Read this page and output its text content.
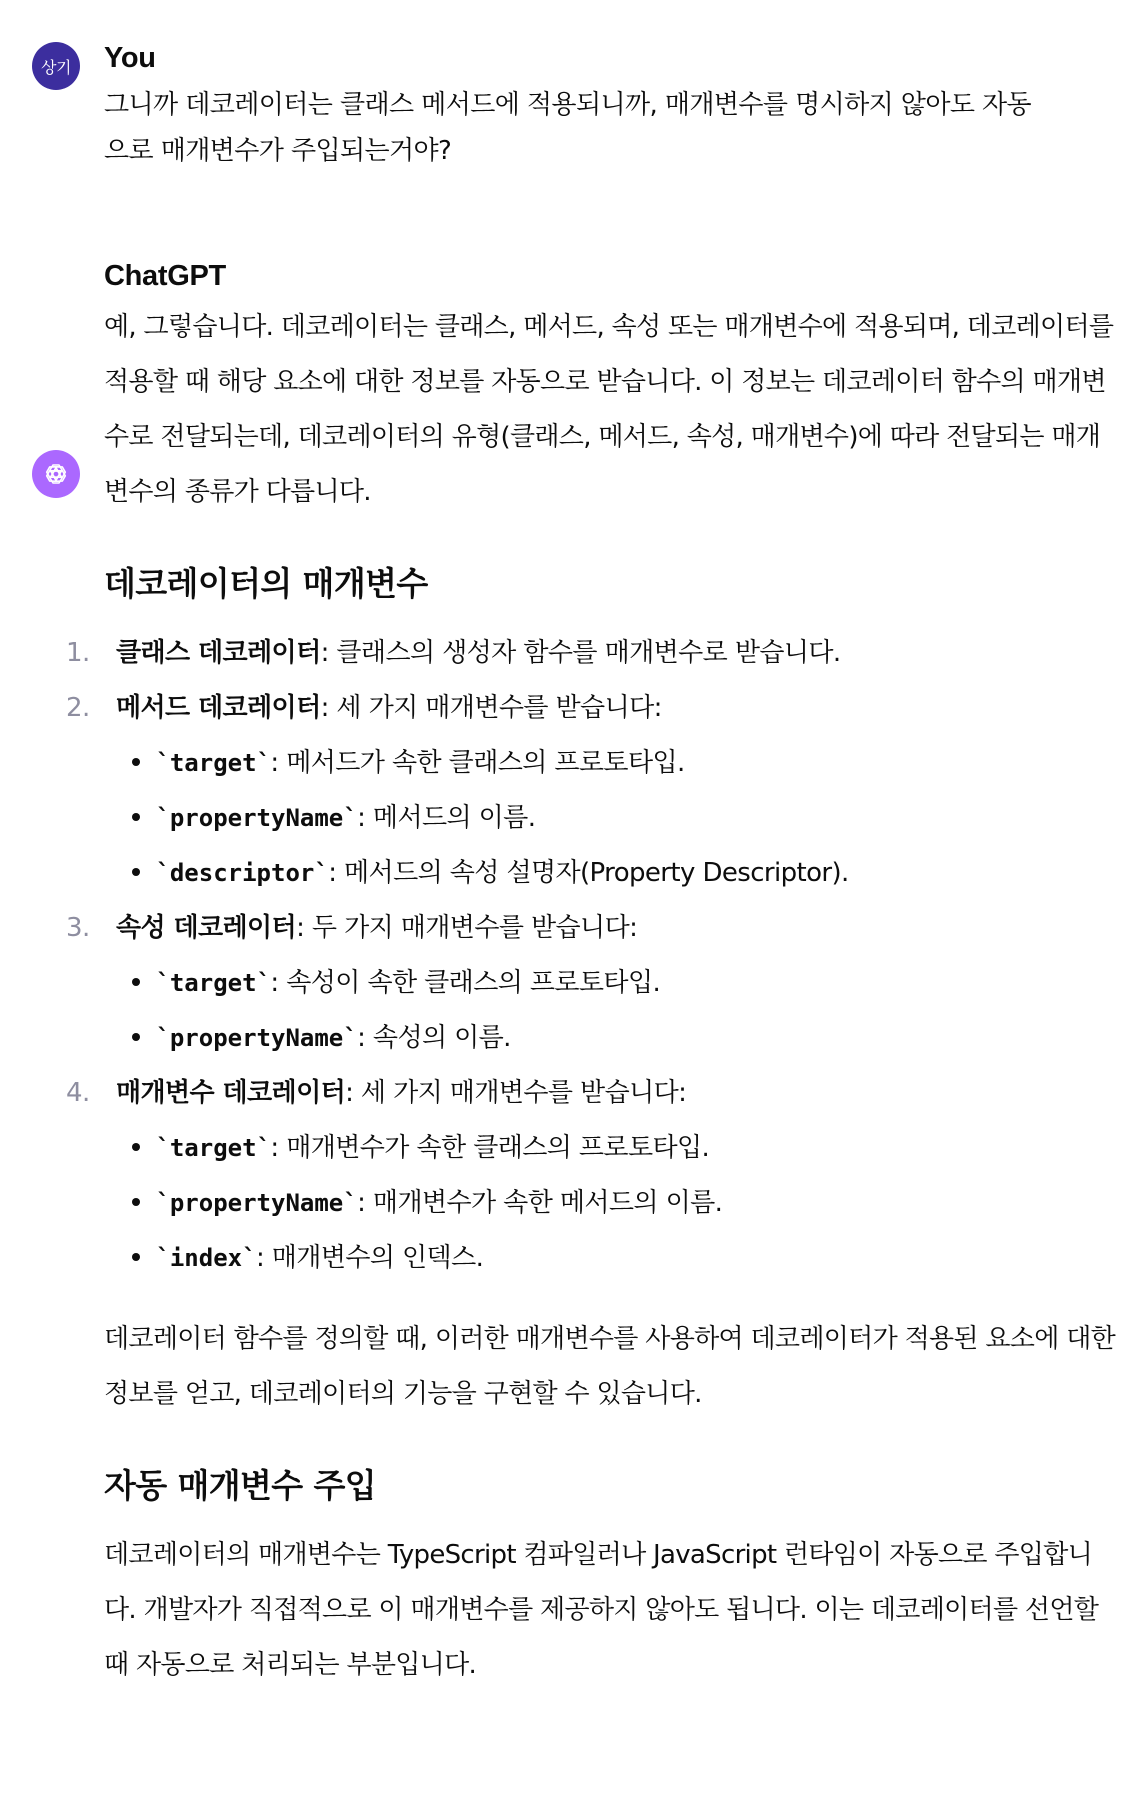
상기	You

그니까 데코레이터는 클래스 메서드에 적용되니까, 매개변수를 명시하지 않아도 자동으로 매개변수가 주입되는거야?

ChatGPT

예, 그렇습니다. 데코레이터는 클래스, 메서드, 속성 또는 매개변수에 적용되며, 데코레이터를 적용할 때 해당 요소에 대한 정보를 자동으로 받습니다. 이 정보는 데코레이터 함수의 매개변수로 전달되는데, 데코레이터의 유형(클래스, 메서드, 속성, 매개변수)에 따라 전달되는 매개변수의 종류가 다릅니다.

데코레이터의 매개변수
1. 클래스 데코레이터: 클래스의 생성자 함수를 매개변수로 받습니다.
2. 메서드 데코레이터: 세 가지 매개변수를 받습니다:
`target`: 메서드가 속한 클래스의 프로토타입.
`propertyName`: 메서드의 이름.
`descriptor`: 메서드의 속성 설명자(Property Descriptor).
3. 속성 데코레이터: 두 가지 매개변수를 받습니다:
`target`: 속성이 속한 클래스의 프로토타입.
`propertyName`: 속성의 이름.
4. 매개변수 데코레이터: 세 가지 매개변수를 받습니다:
`target`: 매개변수가 속한 클래스의 프로토타입.
`propertyName`: 매개변수가 속한 메서드의 이름.
`index`: 매개변수의 인덱스.

데코레이터 함수를 정의할 때, 이러한 매개변수를 사용하여 데코레이터가 적용된 요소에 대한 정보를 얻고, 데코레이터의 기능을 구현할 수 있습니다.

자동 매개변수 주입

데코레이터의 매개변수는 TypeScript 컴파일러나 JavaScript 런타임이 자동으로 주입합니다. 개발자가 직접적으로 이 매개변수를 제공하지 않아도 됩니다. 이는 데코레이터를 선언할 때 자동으로 처리되는 부분입니다.
